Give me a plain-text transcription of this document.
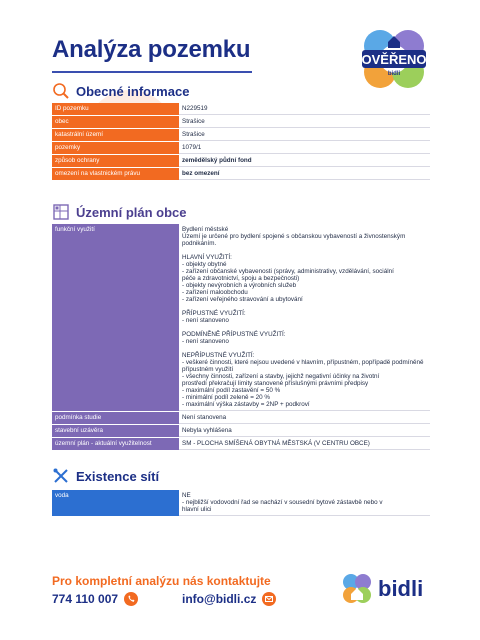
Analýza pozemku	OVĚŘENO
bidli
Obecné informace
ID pozemku	N229519
obec	Strašice
katastrální území	Strašice
pozemky	1079/1
způsob ochrany	zemědělský půdní fond
omezení na vlastnickém právu	bez omezení
Územní plán obce
funkční využití	Bydlení městské
Území je určené pro bydlení spojené s občanskou vybaveností a živnostenským
podnikáním.

HLAVNÍ VYUŽITÍ:
- objekty obytné
- zařízení občanské vybavenosti (správy, administrativy, vzdělávání, sociální
péče a zdravotnictví, spoju a bezpečnosti)
- objekty nevýrobních a výrobních služeb
- zařízení maloobchodu
- zařízení veřejného stravování a ubytování

PŘÍPUSTNÉ VYUŽITÍ:
- není stanoveno

PODMÍNĚNĚ PŘÍPUSTNÉ VYUŽITÍ:
- není stanoveno

NEPŘÍPUSTNÉ VYUŽITÍ:
- veškeré činnosti, které nejsou uvedené v hlavním, přípustném, popřípadě podmíněně
přípustném využití
- všechny činnosti, zařízení a stavby, jejichž negativní účinky na životní
prostředí překračují limity stanovené příslušnými právními předpisy
- maximální podíl zastavění = 50 %
- minimální podíl zeleně = 20 %
- maximální výška zástavby = 2NP + podkroví
podmínka studie	Není stanovena
stavební uzávěra	Nebyla vyhlášena
územní plán - aktuální využitelnost	SM - PLOCHA SMÍŠENÁ OBYTNÁ MĚSTSKÁ (V CENTRU OBCE)
Existence sítí
voda	NE
- nejbližší vodovodní řad se nachází v sousední bytové zástavbě nebo v
hlavní ulici
Pro kompletní analýzu nás kontaktujte
774 110 007	info@bidli.cz	bidli
